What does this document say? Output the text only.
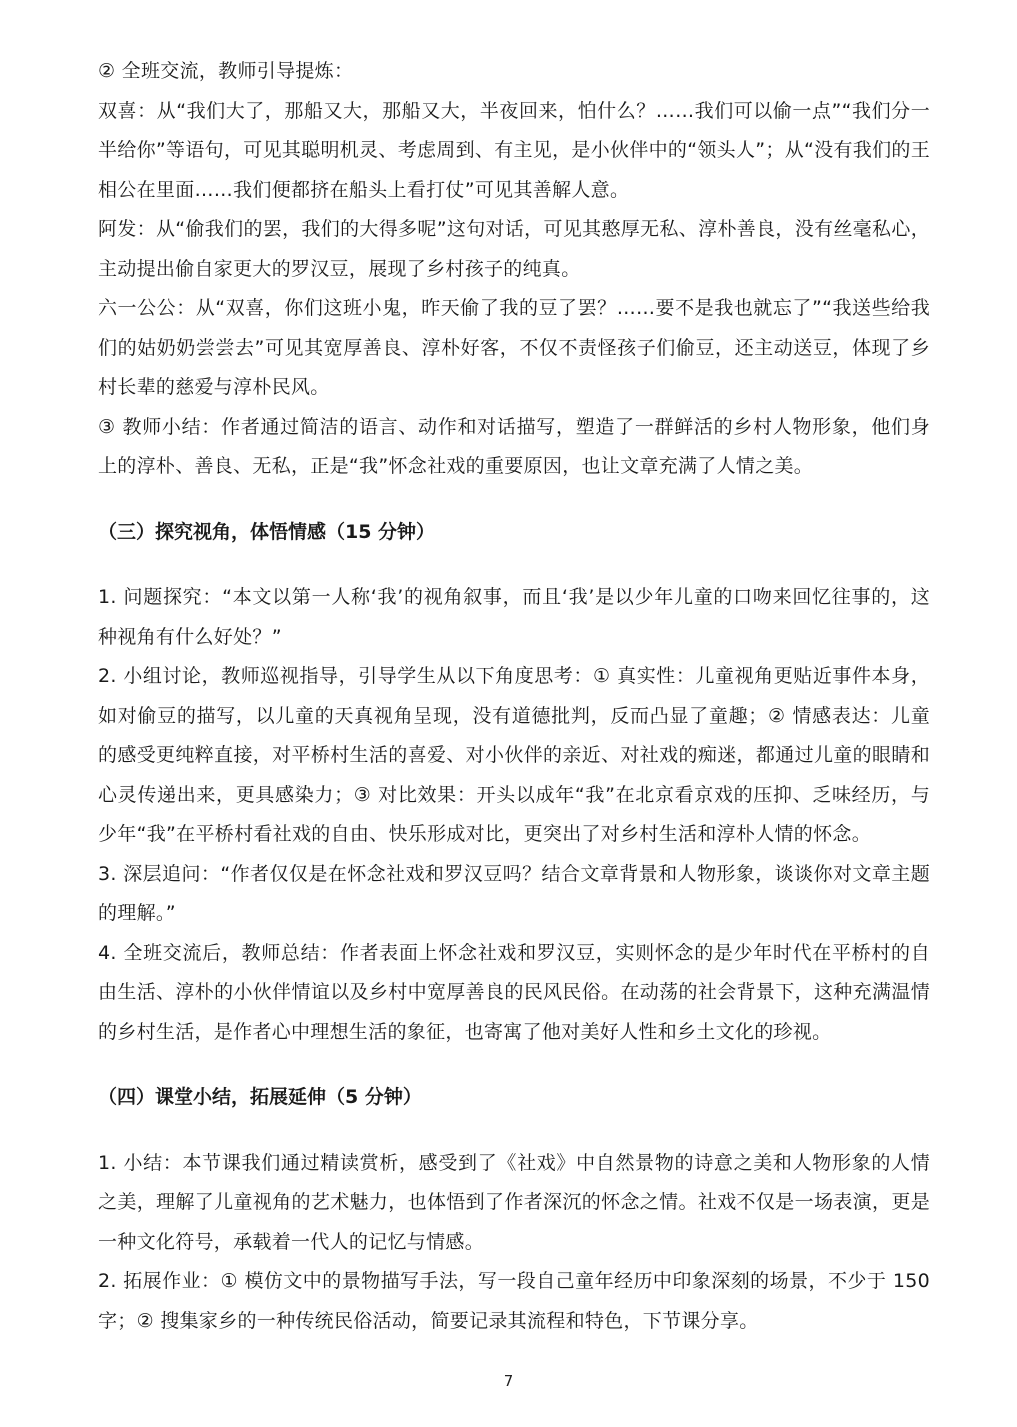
② 全班交流，教师引导提炼：

双喜：从“我们大了，那船又大，那船又大，半夜回来，怕什么？……我们可以偷一点”“我们分一半给你”等语句，可见其聪明机灵、考虑周到、有主见，是小伙伴中的“领头人”；从“没有我们的王相公在里面……我们便都挤在船头上看打仗”可见其善解人意。

阿发：从“偷我们的罢，我们的大得多呢”这句对话，可见其憨厚无私、淳朴善良，没有丝毫私心，主动提出偷自家更大的罗汉豆，展现了乡村孩子的纯真。

六一公公：从“双喜，你们这班小鬼，昨天偷了我的豆了罢？……要不是我也就忘了”“我送些给我们的姑奶奶尝尝去”可见其宽厚善良、淳朴好客，不仅不责怪孩子们偷豆，还主动送豆，体现了乡村长辈的慈爱与淳朴民风。

③ 教师小结：作者通过简洁的语言、动作和对话描写，塑造了一群鲜活的乡村人物形象，他们身上的淳朴、善良、无私，正是“我”怀念社戏的重要原因，也让文章充满了人情之美。

（三）探究视角，体悟情感（15 分钟）

1. 问题探究：“本文以第一人称‘我’的视角叙事，而且‘我’是以少年儿童的口吻来回忆往事的，这种视角有什么好处？”

2. 小组讨论，教师巡视指导，引导学生从以下角度思考：① 真实性：儿童视角更贴近事件本身，如对偷豆的描写，以儿童的天真视角呈现，没有道德批判，反而凸显了童趣；② 情感表达：儿童的感受更纯粹直接，对平桥村生活的喜爱、对小伙伴的亲近、对社戏的痴迷，都通过儿童的眼睛和心灵传递出来，更具感染力；③ 对比效果：开头以成年“我”在北京看京戏的压抑、乏味经历，与少年“我”在平桥村看社戏的自由、快乐形成对比，更突出了对乡村生活和淳朴人情的怀念。

3. 深层追问：“作者仅仅是在怀念社戏和罗汉豆吗？结合文章背景和人物形象，谈谈你对文章主题的理解。”

4. 全班交流后，教师总结：作者表面上怀念社戏和罗汉豆，实则怀念的是少年时代在平桥村的自由生活、淳朴的小伙伴情谊以及乡村中宽厚善良的民风民俗。在动荡的社会背景下，这种充满温情的乡村生活，是作者心中理想生活的象征，也寄寓了他对美好人性和乡土文化的珍视。

（四）课堂小结，拓展延伸（5 分钟）

1. 小结：本节课我们通过精读赏析，感受到了《社戏》中自然景物的诗意之美和人物形象的人情之美，理解了儿童视角的艺术魅力，也体悟到了作者深沉的怀念之情。社戏不仅是一场表演，更是一种文化符号，承载着一代人的记忆与情感。

2. 拓展作业：① 模仿文中的景物描写手法，写一段自己童年经历中印象深刻的场景，不少于 150 字；② 搜集家乡的一种传统民俗活动，简要记录其流程和特色，下节课分享。

7
